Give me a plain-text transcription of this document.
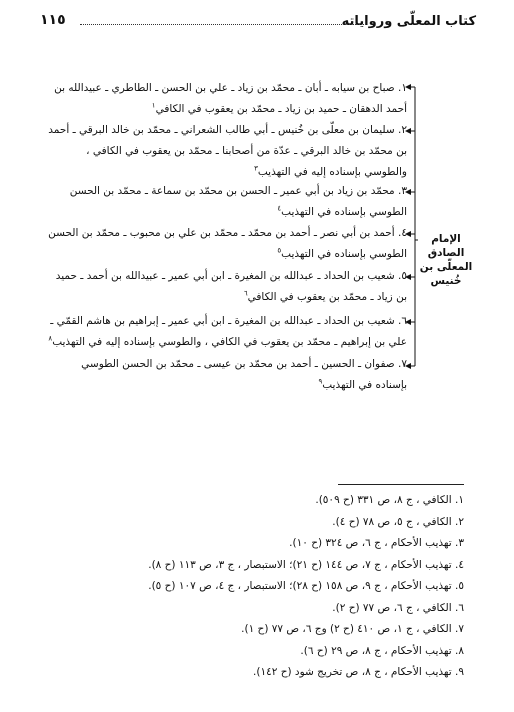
كتاب المعلّى ورواياته
١١٥
الإمام الصادق
المعلّى بن خُنيس
١. صباح بن سيابه ـ أبان ـ محمّد بن زياد ـ علي بن الحسن ـ الطاطري ـ عبيدالله بن أحمد الدهقان ـ حميد بن زياد ـ محمّد بن يعقوب في الكافي$^١$
٢. سليمان بن معلّى بن خُنيس ـ أبي طالب الشعراني ـ محمّد بن خالد البرقي ـ أحمد بن محمّد بن خالد البرقي ـ عدّة من أصحابنا ـ محمّد بن يعقوب في الكافي ، والطوسي بإسناده إليه في التهذيب$^٣$
٣. محمّد بن زياد بن أبي عمير ـ الحسن بن محمّد بن سماعة ـ محمّد بن الحسن الطوسي بإسناده في التهذيب$^٤$
٤. أحمد بن أبي نصر ـ أحمد بن محمّد ـ محمّد بن علي بن محبوب ـ محمّد بن الحسن الطوسي بإسناده في التهذيب$^٥$
٥. شعيب بن الحداد ـ عبدالله بن المغيرة ـ ابن أبي عمير ـ عبيدالله بن أحمد ـ حميد بن زياد ـ محمّد بن يعقوب في الكافي$^٦$
٦. شعيب بن الحداد ـ عبدالله بن المغيرة ـ ابن أبي عمير ـ إبراهيم بن هاشم القمّي ـ علي بن إبراهيم ـ محمّد بن يعقوب في الكافي ، والطوسي بإسناده إليه في التهذيب$^٨$
٧. صفوان ـ الحسين ـ أحمد بن محمّد بن عيسى ـ محمّد بن الحسن الطوسي بإسناده في التهذيب$^٩$
١. الكافي ، ج ٨، ص ٣٣١ (ح ٥٠٩).
٢. الكافي ، ج ٥، ص ٧٨ (ح ٤).
٣. تهذيب الأحكام ، ج ٦، ص ٣٢٤ (ح ١٠).
٤. تهذيب الأحكام ، ج ٧، ص ١٤٤ (ح ٢١)؛ الاستبصار ، ج ٣، ص ١١٣ (ح ٨).
٥. تهذيب الأحكام ، ج ٩، ص ١٥٨ (ح ٢٨)؛ الاستبصار ، ج ٤، ص ١٠٧ (ح ٥).
٦. الكافي ، ج ٦، ص ٧٧ (ح ٢).
٧. الكافي ، ج ١، ص ٤١٠ (ح ٢) وج ٦، ص ٧٧ (ح ١).
٨. تهذيب الأحكام ، ج ٨، ص ٢٩ (ح ٦).
٩. تهذيب الأحكام ، ج ٨، ص تخريج شود (ح ١٤٢).
